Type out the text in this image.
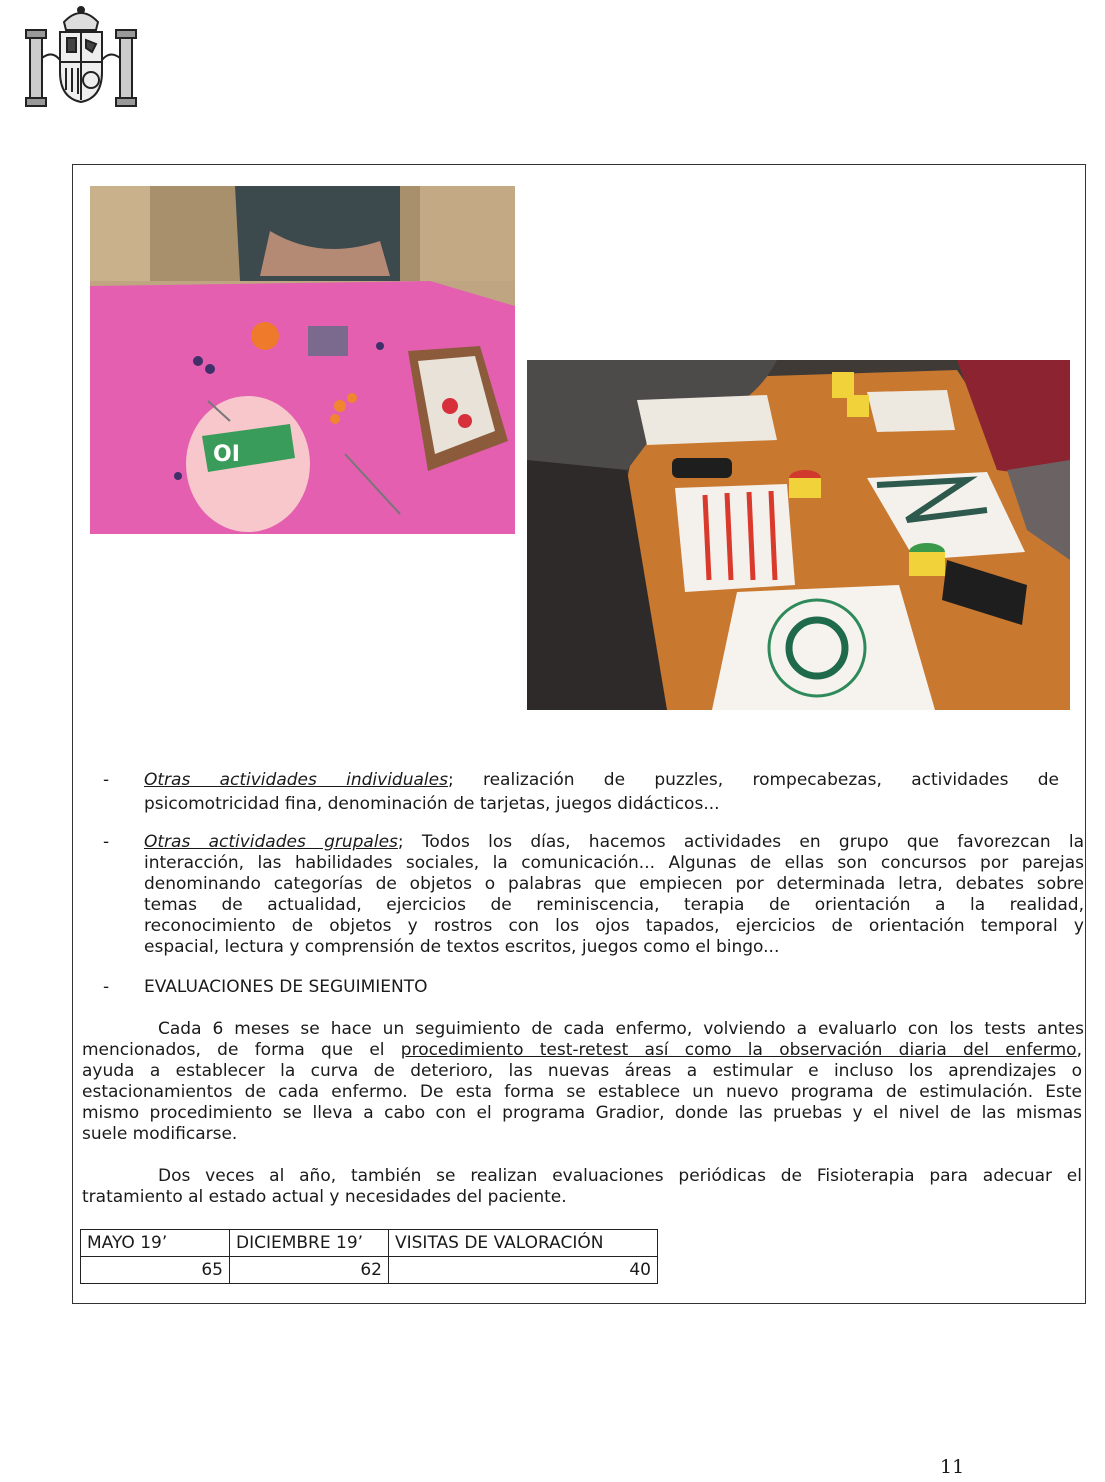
OI
- Otras actividades individuales; realización de puzzles, rompecabezas, actividades de
psicomotricidad fina, denominación de tarjetas, juegos didácticos...
- Otras actividades grupales; Todos los días, hacemos actividades en grupo que favorezcan la
interacción, las habilidades sociales, la comunicación... Algunas de ellas son concursos por parejas
denominando categorías de objetos o palabras que empiecen por determinada letra, debates sobre
temas de actualidad, ejercicios de reminiscencia, terapia de orientación a la realidad,
reconocimiento de objetos y rostros con los ojos tapados, ejercicios de orientación temporal y
espacial, lectura y comprensión de textos escritos, juegos como el bingo...
- EVALUACIONES DE SEGUIMIENTO
Cada 6 meses se hace un seguimiento de cada enfermo, volviendo a evaluarlo con los tests antes
mencionados, de forma que el procedimiento test-retest así como la observación diaria del enfermo,
ayuda a establecer la curva de deterioro, las nuevas áreas a estimular e incluso los aprendizajes o
estacionamientos de cada enfermo. De esta forma se establece un nuevo programa de estimulación. Este
mismo procedimiento se lleva a cabo con el programa Gradior, donde las pruebas y el nivel de las mismas
suele modificarse.
Dos veces al año, también se realizan evaluaciones periódicas de Fisioterapia para adecuar el
tratamiento al estado actual y necesidades del paciente.
MAYO 19’	DICIEMBRE 19’	VISITAS DE VALORACIÓN
65	62	40
11
